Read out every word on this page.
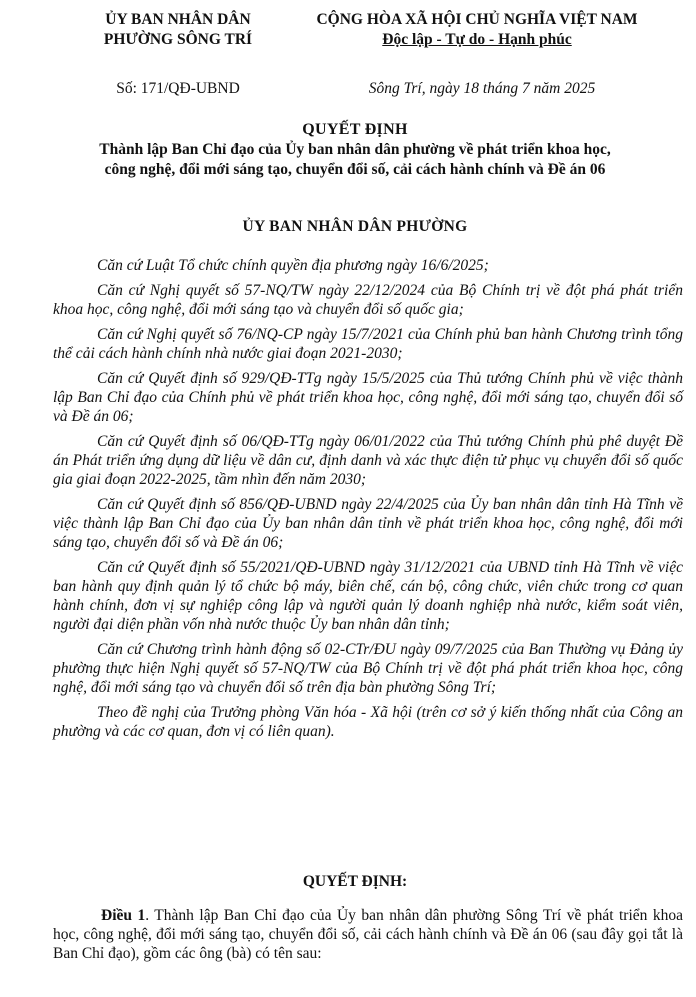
ỦY BAN NHÂN DÂN
PHƯỜNG SÔNG TRÍ
CỘNG HÒA XÃ HỘI CHỦ NGHĨA VIỆT NAM
Độc lập - Tự do - Hạnh phúc
Số: 171/QĐ-UBND	Sông Trí, ngày 18 tháng 7 năm 2025
QUYẾT ĐỊNH
Thành lập Ban Chỉ đạo của Ủy ban nhân dân phường về phát triển khoa học,
công nghệ, đổi mới sáng tạo, chuyển đổi số, cải cách hành chính và Đề án 06
ỦY BAN NHÂN DÂN PHƯỜNG

Căn cứ Luật Tổ chức chính quyền địa phương ngày 16/6/2025;

Căn cứ Nghị quyết số 57-NQ/TW ngày 22/12/2024 của Bộ Chính trị về đột phá phát triển khoa học, công nghệ, đổi mới sáng tạo và chuyển đổi số quốc gia;

Căn cứ Nghị quyết số 76/NQ-CP ngày 15/7/2021 của Chính phủ ban hành Chương trình tổng thể cải cách hành chính nhà nước giai đoạn 2021-2030;

Căn cứ Quyết định số 929/QĐ-TTg ngày 15/5/2025 của Thủ tướng Chính phủ về việc thành lập Ban Chỉ đạo của Chính phủ về phát triển khoa học, công nghệ, đổi mới sáng tạo, chuyển đổi số và Đề án 06;

Căn cứ Quyết định số 06/QĐ-TTg ngày 06/01/2022 của Thủ tướng Chính phủ phê duyệt Đề án Phát triển ứng dụng dữ liệu về dân cư, định danh và xác thực điện tử phục vụ chuyển đổi số quốc gia giai đoạn 2022-2025, tầm nhìn đến năm 2030;

Căn cứ Quyết định số 856/QĐ-UBND ngày 22/4/2025 của Ủy ban nhân dân tỉnh Hà Tĩnh về việc thành lập Ban Chỉ đạo của Ủy ban nhân dân tỉnh về phát triển khoa học, công nghệ, đổi mới sáng tạo, chuyển đổi số và Đề án 06;

Căn cứ Quyết định số 55/2021/QĐ-UBND ngày 31/12/2021 của UBND tỉnh Hà Tĩnh về việc ban hành quy định quản lý tổ chức bộ máy, biên chế, cán bộ, công chức, viên chức trong cơ quan hành chính, đơn vị sự nghiệp công lập và người quản lý doanh nghiệp nhà nước, kiểm soát viên, người đại diện phần vốn nhà nước thuộc Ủy ban nhân dân tỉnh;

Căn cứ Chương trình hành động số 02-CTr/ĐU ngày 09/7/2025 của Ban Thường vụ Đảng ủy phường thực hiện Nghị quyết số 57-NQ/TW của Bộ Chính trị về đột phá phát triển khoa học, công nghệ, đổi mới sáng tạo và chuyển đổi số trên địa bàn phường Sông Trí;

Theo đề nghị của Trưởng phòng Văn hóa - Xã hội (trên cơ sở ý kiến thống nhất của Công an phường và các cơ quan, đơn vị có liên quan).

QUYẾT ĐỊNH:
Điều 1. Thành lập Ban Chỉ đạo của Ủy ban nhân dân phường Sông Trí về phát triển khoa học, công nghệ, đổi mới sáng tạo, chuyển đổi số, cải cách hành chính và Đề án 06 (sau đây gọi tắt là Ban Chỉ đạo), gồm các ông (bà) có tên sau:
